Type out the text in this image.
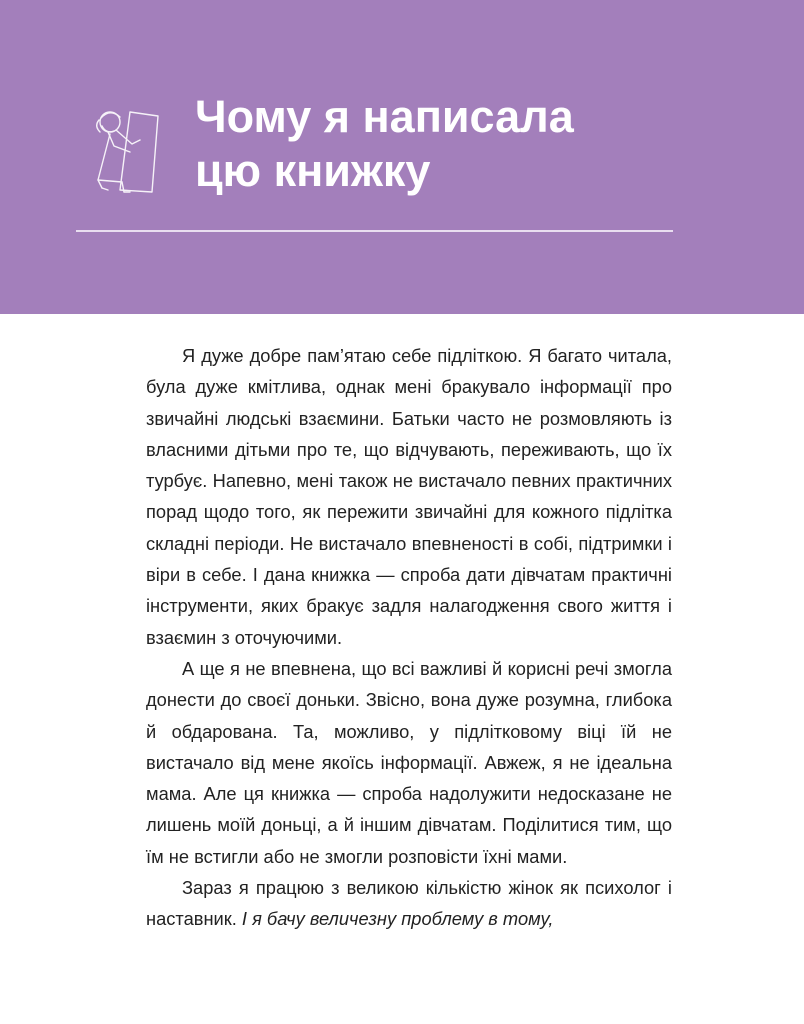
Чому я написала
цю книжку

Я дуже добре пам’ятаю себе підліткою. Я багато читала, була дуже кмітлива, однак мені бракувало інформації про звичайні людські взаємини. Батьки часто не розмовляють із власними дітьми про те, що відчувають, переживають, що їх турбує. Напевно, мені також не вистачало певних практичних порад щодо того, як пережити звичайні для кожного підлітка складні періоди. Не вистачало впевненості в собі, підтримки і віри в себе. І дана книжка — спроба дати дівчатам практичні інструменти, яких бракує задля налагодження свого життя і взаємин з оточуючими.

А ще я не впевнена, що всі важливі й корисні речі змогла донести до своєї доньки. Звісно, вона дуже розумна, глибока й обдарована. Та, можливо, у підлітковому віці їй не вистачало від мене якоїсь інформації. Авжеж, я не ідеальна мама. Але ця книжка — спроба надолужити недосказане не лишень моїй доньці, а й іншим дівчатам. Поділитися тим, що їм не встигли або не змогли розповісти їхні мами.

Зараз я працюю з великою кількістю жінок як психолог і наставник. І я бачу величезну проблему в тому,
